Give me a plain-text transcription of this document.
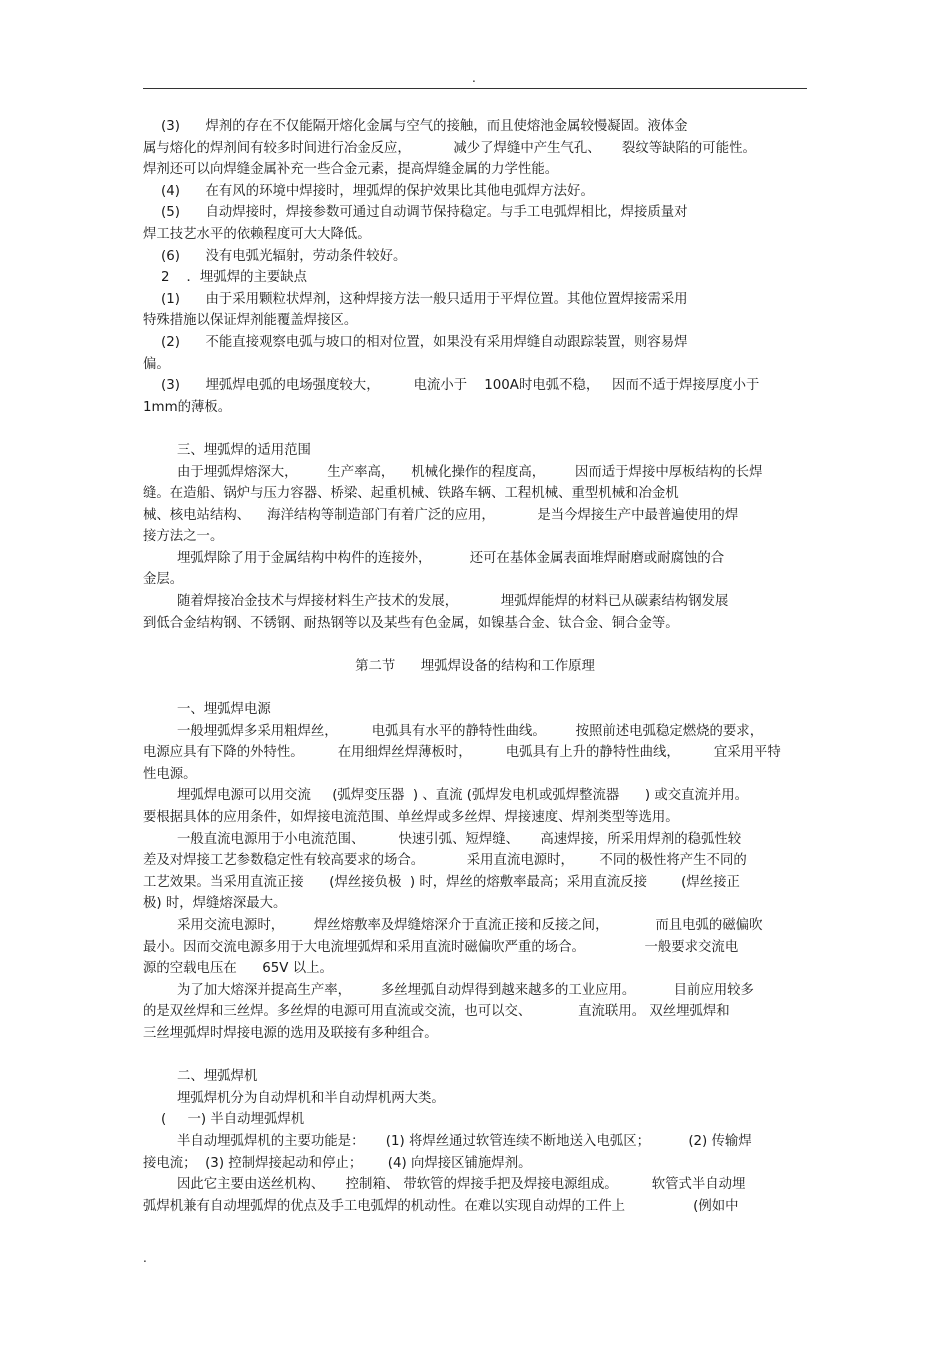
.
(3)      焊剂的存在不仅能隔开熔化金属与空气的接触，而且使熔池金属较慢凝固。液体金
属与熔化的焊剂间有较多时间进行冶金反应，          减少了焊缝中产生气孔、     裂纹等缺陷的可能性。
焊剂还可以向焊缝金属补充一些合金元素，提高焊缝金属的力学性能。
(4)      在有风的环境中焊接时，埋弧焊的保护效果比其他电弧焊方法好。
(5)      自动焊接时，焊接参数可通过自动调节保持稳定。与手工电弧焊相比，焊接质量对
焊工技艺水平的依赖程度可大大降低。
(6)      没有电弧光辐射，劳动条件较好。
2    ．埋弧焊的主要缺点
(1)      由于采用颗粒状焊剂，这种焊接方法一般只适用于平焊位置。其他位置焊接需采用
特殊措施以保证焊剂能覆盖焊接区。
(2)      不能直接观察电弧与坡口的相对位置，如果没有采用焊缝自动跟踪装置，则容易焊
偏。
(3)      埋弧焊电弧的电场强度较大，        电流小于    100A时电弧不稳，   因而不适于焊接厚度小于
1mm的薄板。
三、埋弧焊的适用范围
由于埋弧焊熔深大，       生产率高，    机械化操作的程度高，       因而适于焊接中厚板结构的长焊
缝。在造船、锅炉与压力容器、桥梁、起重机械、铁路车辆、工程机械、重型机械和冶金机
械、核电站结构、    海洋结构等制造部门有着广泛的应用，          是当今焊接生产中最普遍使用的焊
接方法之一。
埋弧焊除了用于金属结构中构件的连接外，         还可在基体金属表面堆焊耐磨或耐腐蚀的合
金层。
随着焊接冶金技术与焊接材料生产技术的发展，          埋弧焊能焊的材料已从碳素结构钢发展
到低合金结构钢、不锈钢、耐热钢等以及某些有色金属，如镍基合金、钛合金、铜合金等。
第二节      埋弧焊设备的结构和工作原理
一、埋弧焊电源
一般埋弧焊多采用粗焊丝，        电弧具有水平的静特性曲线。       按照前述电弧稳定燃烧的要求，
电源应具有下降的外特性。        在用细焊丝焊薄板时，        电弧具有上升的静特性曲线，        宜采用平特
性电源。
埋弧焊电源可以用交流     (弧焊变压器  ) 、直流 (弧焊发电机或弧焊整流器      ) 或交直流并用。
要根据具体的应用条件，如焊接电流范围、单丝焊或多丝焊、焊接速度、焊剂类型等选用。
一般直流电源用于小电流范围、        快速引弧、短焊缝、     高速焊接，所采用焊剂的稳弧性较
差及对焊接工艺参数稳定性有较高要求的场合。          采用直流电源时，      不同的极性将产生不同的
工艺效果。当采用直流正接      (焊丝接负极  ) 时，焊丝的熔敷率最高；采用直流反接        (焊丝接正
极) 时，焊缝熔深最大。
采用交流电源时，       焊丝熔敷率及焊缝熔深介于直流正接和反接之间，           而且电弧的磁偏吹
最小。因而交流电源多用于大电流埋弧焊和采用直流时磁偏吹严重的场合。              一般要求交流电
源的空载电压在      65V 以上。
为了加大熔深并提高生产率，       多丝埋弧自动焊得到越来越多的工业应用。         目前应用较多
的是双丝焊和三丝焊。多丝焊的电源可用直流或交流，也可以交、           直流联用。 双丝埋弧焊和
三丝埋弧焊时焊接电源的选用及联接有多种组合。
二、埋弧焊机
埋弧焊机分为自动焊机和半自动焊机两大类。
(     一) 半自动埋弧焊机
半自动埋弧焊机的主要功能是：     (1) 将焊丝通过软管连续不断地送入电弧区；         (2) 传输焊
接电流；  (3) 控制焊接起动和停止；      (4) 向焊接区铺施焊剂。
因此它主要由送丝机构、     控制箱、 带软管的焊接手把及焊接电源组成。        软管式半自动埋
弧焊机兼有自动埋弧焊的优点及手工电弧焊的机动性。在难以实现自动焊的工件上                (例如中
.
